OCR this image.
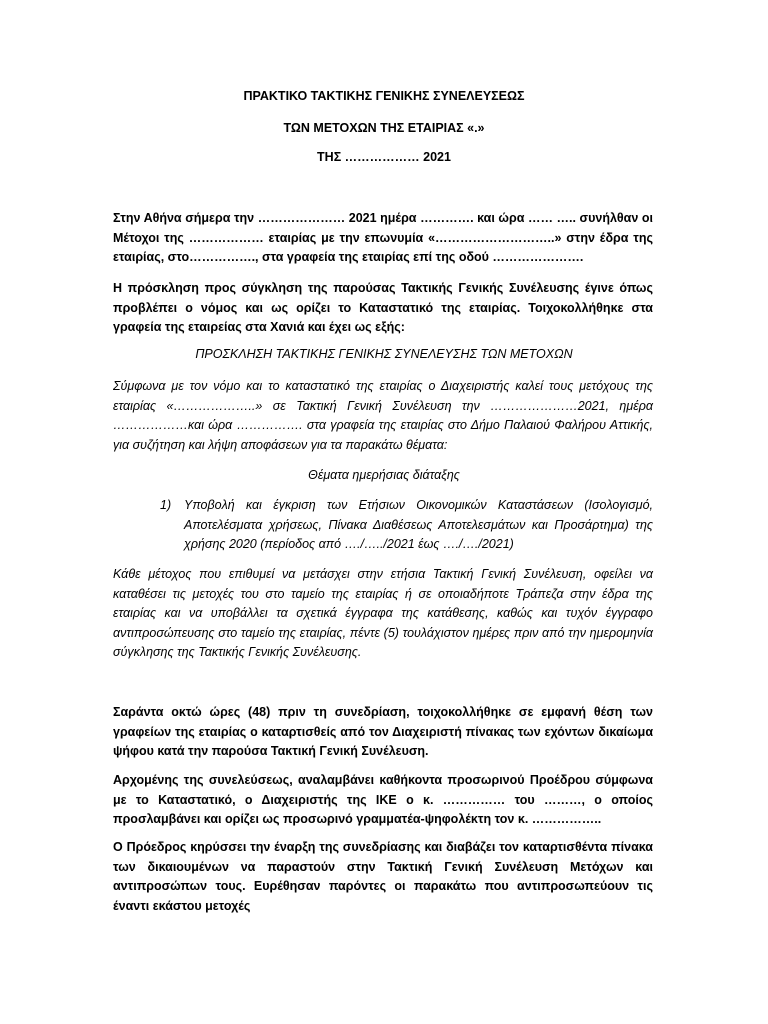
ΠΡΑΚΤΙΚΟ ΤΑΚΤΙΚΗΣ ΓΕΝΙΚΗΣ ΣΥΝΕΛΕΥΣΕΩΣ
ΤΩΝ ΜΕΤΟΧΩΝ ΤΗΣ ΕΤΑΙΡΙΑΣ «.»
ΤΗΣ ……………… 2021
Στην Αθήνα σήμερα την ………………… 2021 ημέρα …………. και ώρα …… ….. συνήλθαν οι Μέτοχοι της ……………… εταιρίας με την επωνυμία «………………………..» στην έδρα της εταιρίας, στο……………., στα γραφεία της εταιρίας επί της οδού ………………….
Η πρόσκληση προς σύγκληση της παρούσας Τακτικής Γενικής Συνέλευσης έγινε όπως προβλέπει ο νόμος και ως ορίζει το Καταστατικό της εταιρίας. Τοιχοκολλήθηκε στα γραφεία της εταιρείας στα Χανιά και έχει ως εξής:
ΠΡΟΣΚΛΗΣΗ ΤΑΚΤΙΚΗΣ ΓΕΝΙΚΗΣ ΣΥΝΕΛΕΥΣΗΣ ΤΩΝ ΜΕΤΟΧΩΝ
Σύμφωνα με τον νόμο και το καταστατικό της εταιρίας ο Διαχειριστής καλεί τους μετόχους της εταιρίας «………………..» σε Τακτική Γενική Συνέλευση την …………………2021, ημέρα ………………και ώρα ……………. στα γραφεία της εταιρίας στο Δήμο Παλαιού Φαλήρου Αττικής, για συζήτηση και λήψη αποφάσεων για τα παρακάτω θέματα:
Θέματα ημερήσιας διάταξης
1) Υποβολή και έγκριση των Ετήσιων Οικονομικών Καταστάσεων (Ισολογισμό, Αποτελέσματα χρήσεως, Πίνακα Διαθέσεως Αποτελεσμάτων και Προσάρτημα) της χρήσης 2020 (περίοδος από …./…../2021 έως …./…./2021)
Κάθε μέτοχος που επιθυμεί να μετάσχει στην ετήσια Τακτική Γενική Συνέλευση, οφείλει να καταθέσει τις μετοχές του στο ταμείο της εταιρίας ή σε οποιαδήποτε Τράπεζα στην έδρα της εταιρίας και να υποβάλλει τα σχετικά έγγραφα της κατάθεσης, καθώς και τυχόν έγγραφο αντιπροσώπευσης στο ταμείο της εταιρίας, πέντε (5) τουλάχιστον ημέρες πριν από την ημερομηνία σύγκλησης της Τακτικής Γενικής Συνέλευσης.
Σαράντα οκτώ ώρες (48) πριν τη συνεδρίαση, τοιχοκολλήθηκε σε εμφανή θέση των γραφείων της εταιρίας ο καταρτισθείς από τον Διαχειριστή πίνακας των εχόντων δικαίωμα ψήφου κατά την παρούσα Τακτική Γενική Συνέλευση.
Αρχομένης της συνελεύσεως, αναλαμβάνει καθήκοντα προσωρινού Προέδρου σύμφωνα με το Καταστατικό, ο Διαχειριστής της ΙΚΕ ο κ. …………… του ………, ο οποίος προσλαμβάνει και ορίζει ως προσωρινό γραμματέα-ψηφολέκτη τον κ. ……………..
Ο Πρόεδρος κηρύσσει την έναρξη της συνεδρίασης και διαβάζει τον καταρτισθέντα πίνακα των δικαιουμένων να παραστούν στην Τακτική Γενική Συνέλευση Μετόχων και αντιπροσώπων τους. Ευρέθησαν παρόντες οι παρακάτω που αντιπροσωπεύουν τις έναντι εκάστου μετοχές
